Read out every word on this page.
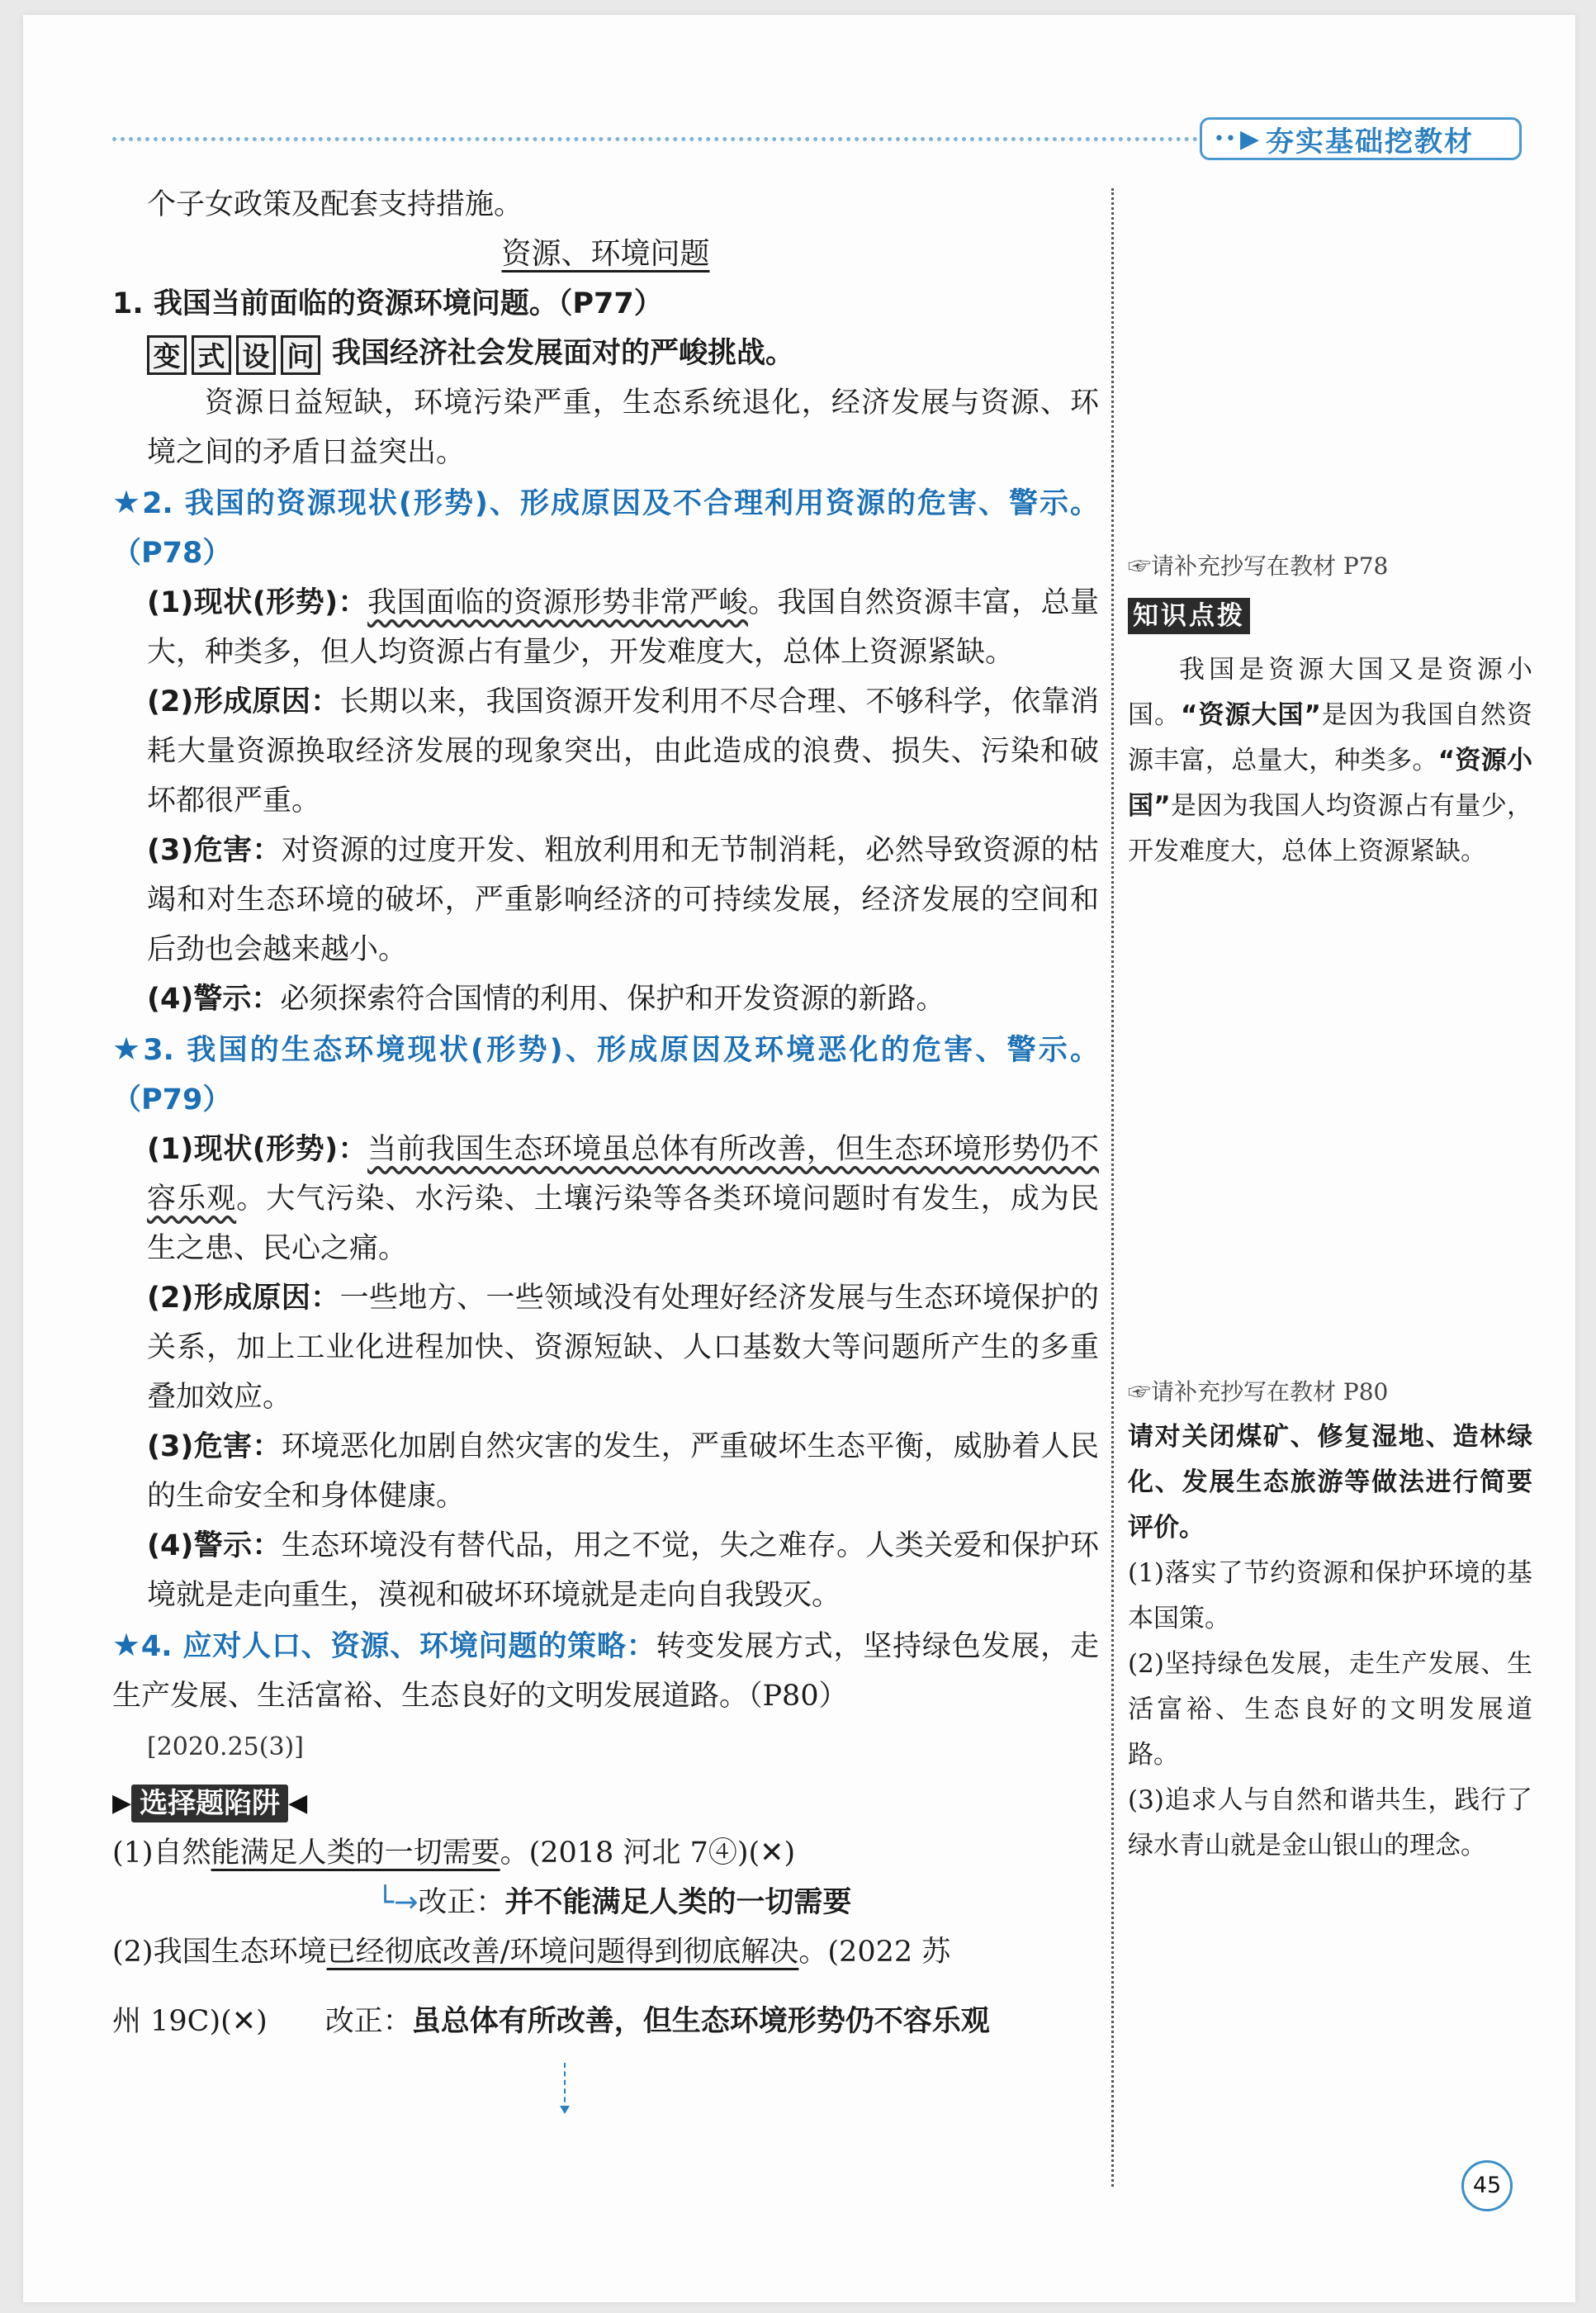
•• ▶ 夯实基础挖教材

个子女政策及配套支持措施。

资源、环境问题

1. 我国当前面临的资源环境问题。（P77）

变 式 设 问 我国经济社会发展面对的严峻挑战。

资源日益短缺，环境污染严重，生态系统退化，经济发展与资源、环境之间的矛盾日益突出。

★2. 我国的资源现状(形势)、形成原因及不合理利用资源的危害、警示。（P78）

(1)现状(形势)：我国面临的资源形势非常严峻。我国自然资源丰富，总量大，种类多，但人均资源占有量少，开发难度大，总体上资源紧缺。

(2)形成原因：长期以来，我国资源开发利用不尽合理、不够科学，依靠消耗大量资源换取经济发展的现象突出，由此造成的浪费、损失、污染和破坏都很严重。

(3)危害：对资源的过度开发、粗放利用和无节制消耗，必然导致资源的枯竭和对生态环境的破坏，严重影响经济的可持续发展，经济发展的空间和后劲也会越来越小。

(4)警示：必须探索符合国情的利用、保护和开发资源的新路。

★3. 我国的生态环境现状(形势)、形成原因及环境恶化的危害、警示。（P79）

(1)现状(形势)：当前我国生态环境虽总体有所改善，但生态环境形势仍不容乐观。大气污染、水污染、土壤污染等各类环境问题时有发生，成为民生之患、民心之痛。

(2)形成原因：一些地方、一些领域没有处理好经济发展与生态环境保护的关系，加上工业化进程加快、资源短缺、人口基数大等问题所产生的多重叠加效应。

(3)危害：环境恶化加剧自然灾害的发生，严重破坏生态平衡，威胁着人民的生命安全和身体健康。

(4)警示：生态环境没有替代品，用之不觉，失之难存。人类关爱和保护环境就是走向重生，漠视和破坏环境就是走向自我毁灭。

★4. 应对人口、资源、环境问题的策略：转变发展方式，坚持绿色发展，走生产发展、生活富裕、生态良好的文明发展道路。（P80）

[2020.25(3)]

▶ 选择题陷阱 ◀

(1)自然能满足人类的一切需要。(2018 河北 7④)(✕)

└→改正：并不能满足人类的一切需要

(2)我国生态环境已经彻底改善/环境问题得到彻底解决。(2022 苏

州 19C)(✕) 改正：虽总体有所改善，但生态环境形势仍不容乐观

☞请补充抄写在教材 P78

知识点拨

我国是资源大国又是资源小国。“资源大国”是因为我国自然资源丰富，总量大，种类多。“资源小国”是因为我国人均资源占有量少，开发难度大，总体上资源紧缺。

☞请补充抄写在教材 P80

请对关闭煤矿、修复湿地、造林绿化、发展生态旅游等做法进行简要评价。

(1)落实了节约资源和保护环境的基本国策。

(2)坚持绿色发展，走生产发展、生活富裕、生态良好的文明发展道路。

(3)追求人与自然和谐共生，践行了绿水青山就是金山银山的理念。

45
